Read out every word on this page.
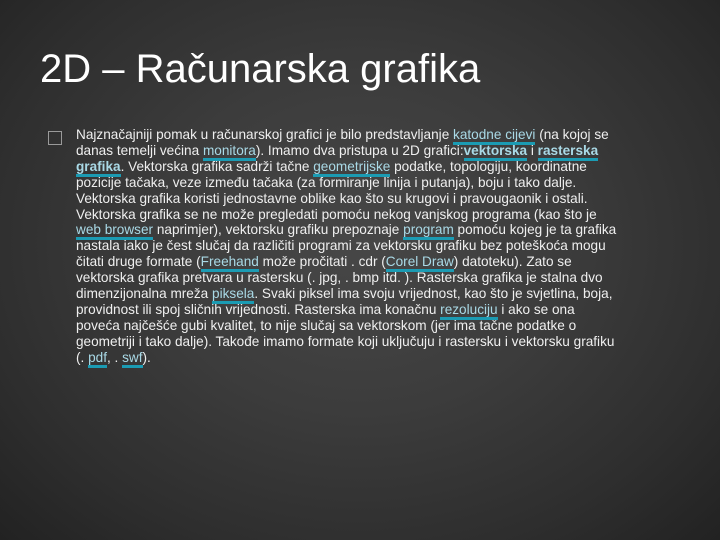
2D – Računarska grafika
Najznačajniji pomak u računarskoj grafici je bilo predstavljanje katodne cijevi (na kojoj se danas temelji većina monitora). Imamo dva pristupa u 2D grafici:vektorska i rasterska grafika. Vektorska grafika sadrži tačne geometrijske podatke, topologiju, koordinatne pozicije tačaka, veze između tačaka (za formiranje linija i putanja), boju i tako dalje. Vektorska grafika koristi jednostavne oblike kao što su krugovi i pravougaonik i ostali. Vektorska grafika se ne može pregledati pomoću nekog vanjskog programa (kao što je web browser naprimjer), vektorsku grafiku prepoznaje program pomoću kojeg je ta grafika nastala iako je čest slučaj da različiti programi za vektorsku grafiku bez poteškoća mogu čitati druge formate (Freehand može pročitati . cdr (Corel Draw) datoteku). Zato se vektorska grafika pretvara u rastersku (. jpg, . bmp itd. ). Rasterska grafika je stalna dvo dimenzijonalna mreža piksela. Svaki piksel ima svoju vrijednost, kao što je svjetlina, boja, providnost ili spoj sličnih vrijednosti. Rasterska ima konačnu rezoluciju i ako se ona poveća najčešće gubi kvalitet, to nije slučaj sa vektorskom (jer ima tačne podatke o geometriji i tako dalje). Takođe imamo formate koji uključuju i rastersku i vektorsku grafiku (. pdf, . swf).
